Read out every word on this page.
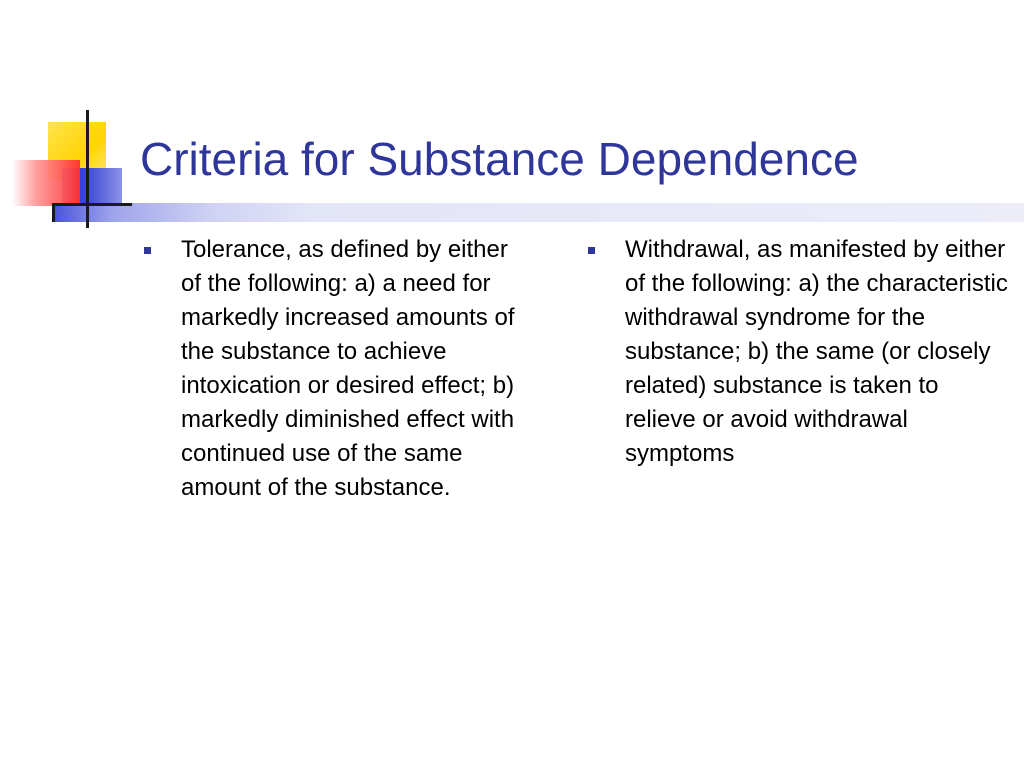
Criteria for Substance Dependence
Tolerance, as defined by either of the following: a) a need for markedly increased amounts of the substance to achieve intoxication or desired effect; b) markedly diminished effect with continued use of the same amount of the substance.
Withdrawal, as manifested by either of the following: a) the characteristic withdrawal syndrome for the substance; b) the same (or closely related) substance is taken to relieve or avoid withdrawal symptoms
